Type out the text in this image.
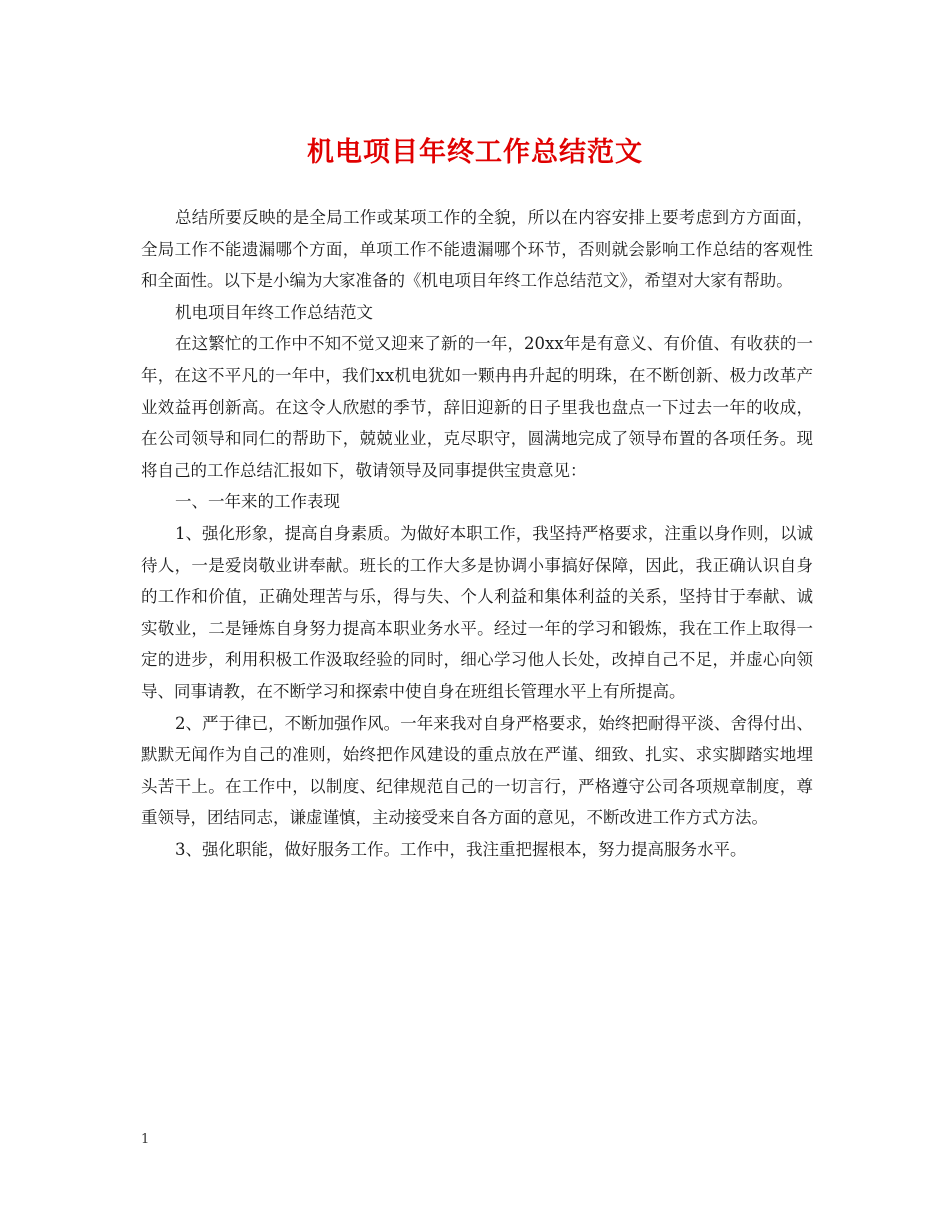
机电项目年终工作总结范文

总结所要反映的是全局工作或某项工作的全貌，所以在内容安排上要考虑到方方面面，全局工作不能遗漏哪个方面，单项工作不能遗漏哪个环节，否则就会影响工作总结的客观性和全面性。以下是小编为大家准备的《机电项目年终工作总结范文》，希望对大家有帮助。

机电项目年终工作总结范文

在这繁忙的工作中不知不觉又迎来了新的一年，20xx年是有意义、有价值、有收获的一年，在这不平凡的一年中，我们xx机电犹如一颗冉冉升起的明珠，在不断创新、极力改革产业效益再创新高。在这令人欣慰的季节，辞旧迎新的日子里我也盘点一下过去一年的收成，在公司领导和同仁的帮助下，兢兢业业，克尽职守，圆满地完成了领导布置的各项任务。现将自己的工作总结汇报如下，敬请领导及同事提供宝贵意见：

一、一年来的工作表现

1、强化形象，提高自身素质。为做好本职工作，我坚持严格要求，注重以身作则，以诚待人，一是爱岗敬业讲奉献。班长的工作大多是协调小事搞好保障，因此，我正确认识自身的工作和价值，正确处理苦与乐，得与失、个人利益和集体利益的关系，坚持甘于奉献、诚实敬业，二是锤炼自身努力提高本职业务水平。经过一年的学习和锻炼，我在工作上取得一定的进步，利用积极工作汲取经验的同时，细心学习他人长处，改掉自己不足，并虚心向领导、同事请教，在不断学习和探索中使自身在班组长管理水平上有所提高。

2、严于律已，不断加强作风。一年来我对自身严格要求，始终把耐得平淡、舍得付出、默默无闻作为自己的准则，始终把作风建设的重点放在严谨、细致、扎实、求实脚踏实地埋头苦干上。在工作中，以制度、纪律规范自己的一切言行，严格遵守公司各项规章制度，尊重领导，团结同志，谦虚谨慎，主动接受来自各方面的意见，不断改进工作方式方法。

3、强化职能，做好服务工作。工作中，我注重把握根本，努力提高服务水平。

1
